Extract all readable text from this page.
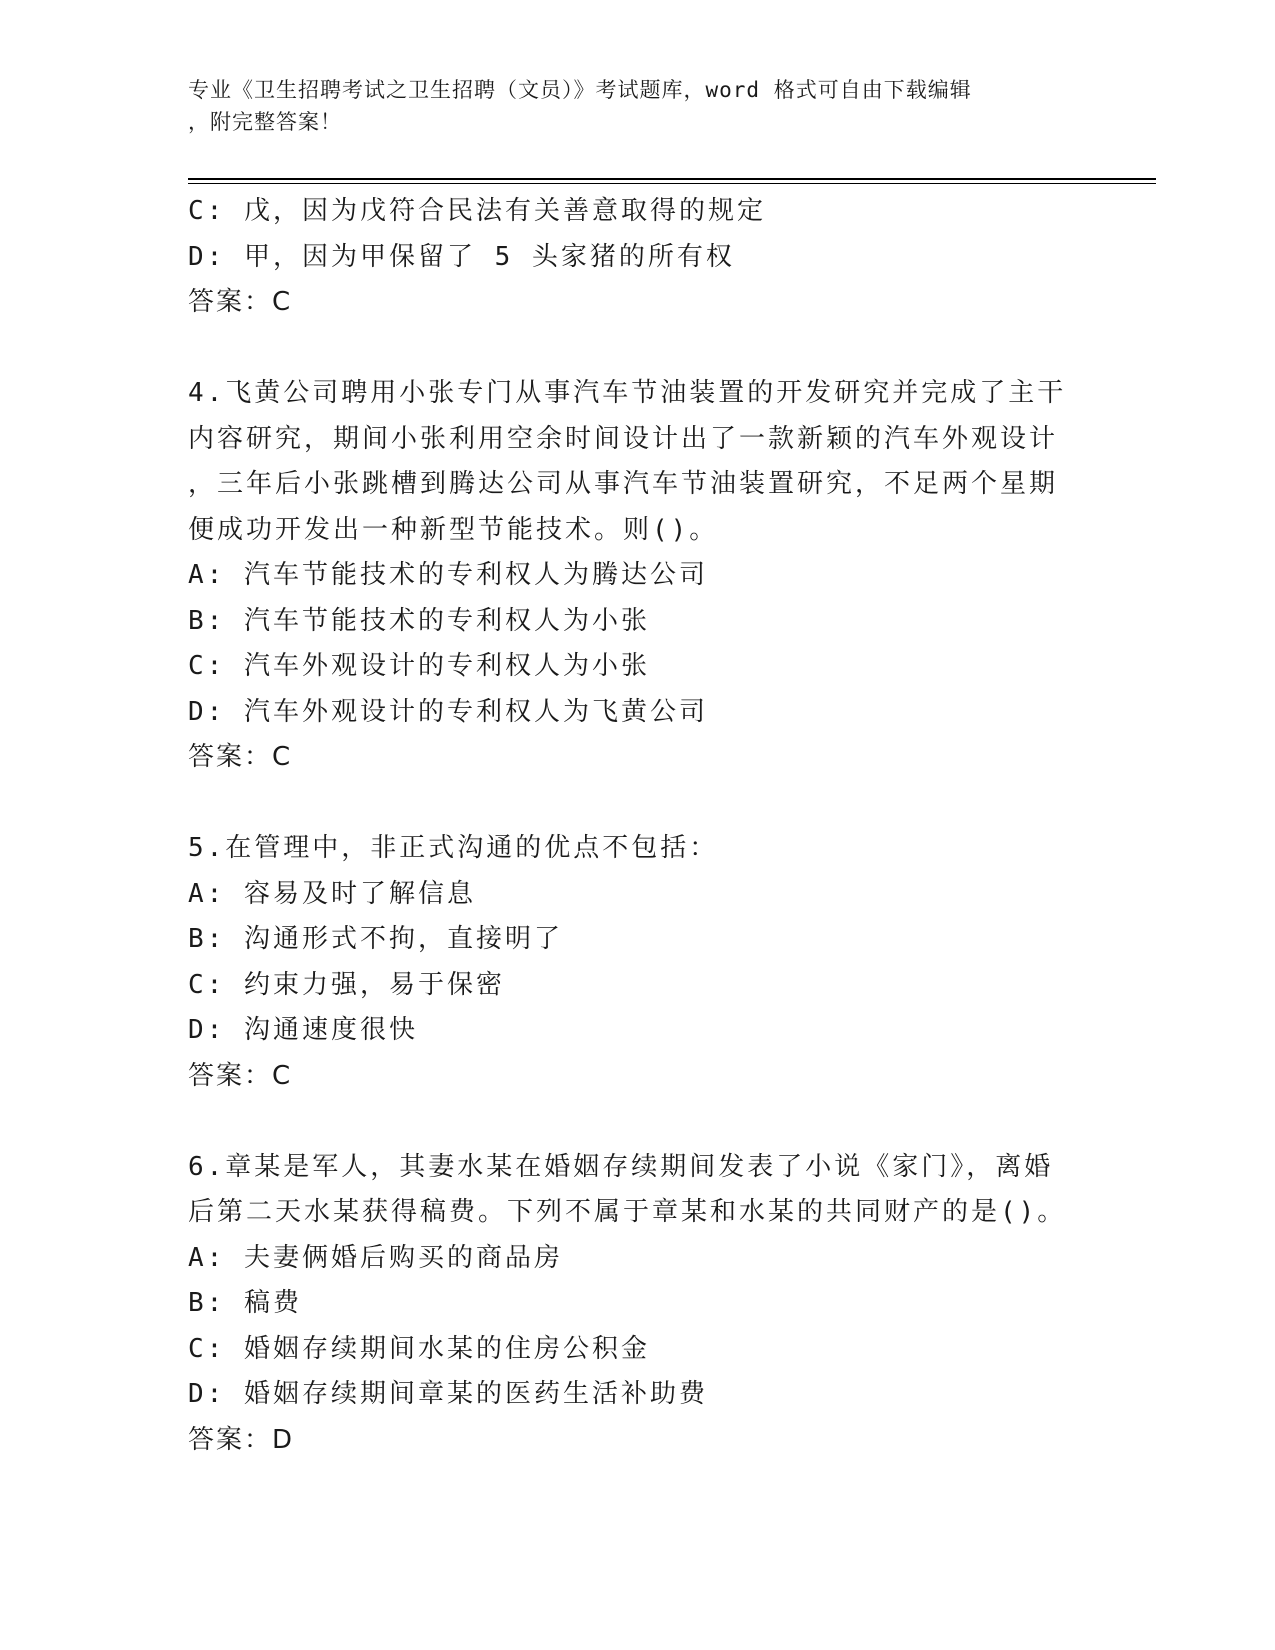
专业《卫生招聘考试之卫生招聘（文员）》考试题库，word 格式可自由下载编辑
，附完整答案！
C: 戊，因为戊符合民法有关善意取得的规定
D: 甲，因为甲保留了 5 头家猪的所有权
答案：C
4.飞黄公司聘用小张专门从事汽车节油装置的开发研究并完成了主干
内容研究，期间小张利用空余时间设计出了一款新颖的汽车外观设计
，三年后小张跳槽到腾达公司从事汽车节油装置研究，不足两个星期
便成功开发出一种新型节能技术。则()。
A: 汽车节能技术的专利权人为腾达公司
B: 汽车节能技术的专利权人为小张
C: 汽车外观设计的专利权人为小张
D: 汽车外观设计的专利权人为飞黄公司
答案：C
5.在管理中，非正式沟通的优点不包括：
A: 容易及时了解信息
B: 沟通形式不拘，直接明了
C: 约束力强，易于保密
D: 沟通速度很快
答案：C
6.章某是军人，其妻水某在婚姻存续期间发表了小说《家门》，离婚
后第二天水某获得稿费。下列不属于章某和水某的共同财产的是()。
A: 夫妻俩婚后购买的商品房
B: 稿费
C: 婚姻存续期间水某的住房公积金
D: 婚姻存续期间章某的医药生活补助费
答案：D
